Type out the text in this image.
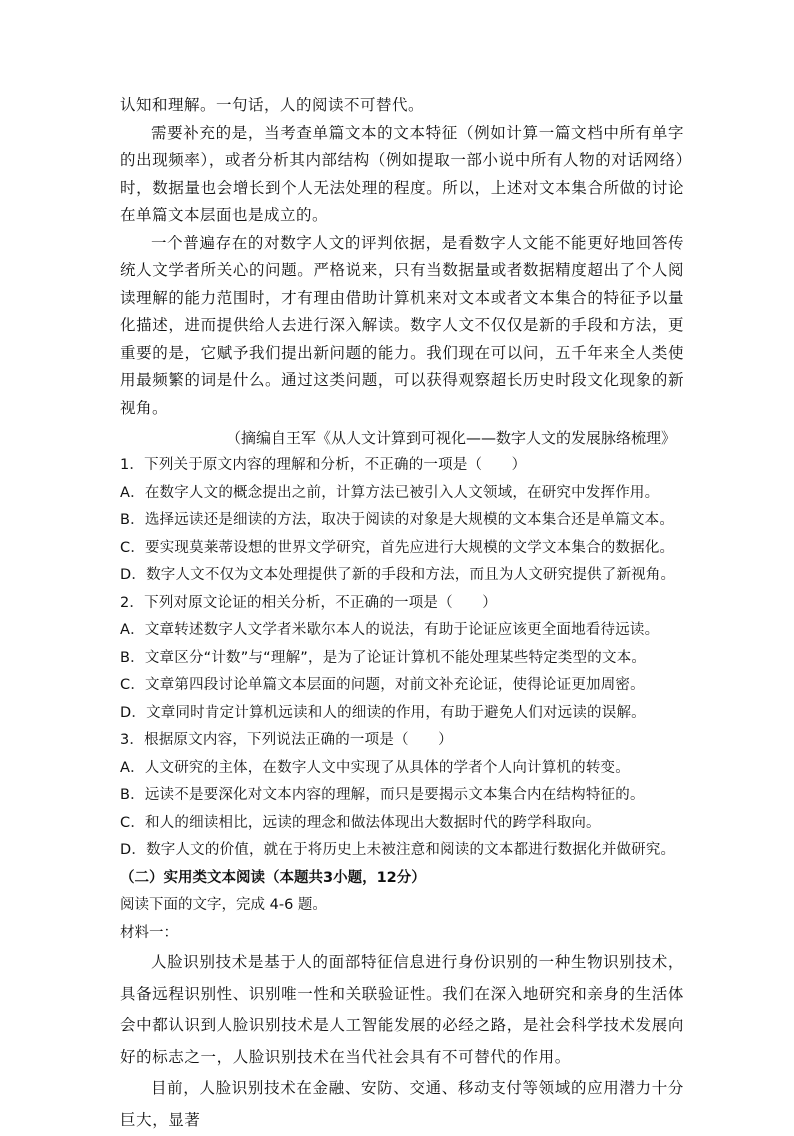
认知和理解。一句话，人的阅读不可替代。

需要补充的是，当考查单篇文本的文本特征（例如计算一篇文档中所有单字的出现频率），或者分析其内部结构（例如提取一部小说中所有人物的对话网络）时，数据量也会增长到个人无法处理的程度。所以，上述对文本集合所做的讨论在单篇文本层面也是成立的。

一个普遍存在的对数字人文的评判依据，是看数字人文能不能更好地回答传统人文学者所关心的问题。严格说来，只有当数据量或者数据精度超出了个人阅读理解的能力范围时，才有理由借助计算机来对文本或者文本集合的特征予以量化描述，进而提供给人去进行深入解读。数字人文不仅仅是新的手段和方法，更重要的是，它赋予我们提出新问题的能力。我们现在可以问，五千年来全人类使用最频繁的词是什么。通过这类问题，可以获得观察超长历史时段文化现象的新视角。

（摘编自王军《从人文计算到可视化——数字人文的发展脉络梳理》

1．下列关于原文内容的理解和分析，不正确的一项是（　　）

A．在数字人文的概念提出之前，计算方法已被引入人文领域，在研究中发挥作用。

B．选择远读还是细读的方法，取决于阅读的对象是大规模的文本集合还是单篇文本。

C．要实现莫莱蒂设想的世界文学研究，首先应进行大规模的文学文本集合的数据化。

D．数字人文不仅为文本处理提供了新的手段和方法，而且为人文研究提供了新视角。

2．下列对原文论证的相关分析，不正确的一项是（　　）

A．文章转述数字人文学者米歇尔本人的说法，有助于论证应该更全面地看待远读。

B．文章区分“计数”与“理解”，是为了论证计算机不能处理某些特定类型的文本。

C．文章第四段讨论单篇文本层面的问题，对前文补充论证，使得论证更加周密。

D．文章同时肯定计算机远读和人的细读的作用，有助于避免人们对远读的误解。

3．根据原文内容，下列说法正确的一项是（　　）

A．人文研究的主体，在数字人文中实现了从具体的学者个人向计算机的转变。

B．远读不是要深化对文本内容的理解，而只是要揭示文本集合内在结构特征的。

C．和人的细读相比，远读的理念和做法体现出大数据时代的跨学科取向。

D．数字人文的价值，就在于将历史上未被注意和阅读的文本都进行数据化并做研究。

（二）实用类文本阅读（本题共3小题，12分）

阅读下面的文字，完成 4-6 题。

材料一：

人脸识别技术是基于人的面部特征信息进行身份识别的一种生物识别技术，具备远程识别性、识别唯一性和关联验证性。我们在深入地研究和亲身的生活体会中都认识到人脸识别技术是人工智能发展的必经之路，是社会科学技术发展向好的标志之一，人脸识别技术在当代社会具有不可替代的作用。

目前，人脸识别技术在金融、安防、交通、移动支付等领域的应用潜力十分巨大，显著
